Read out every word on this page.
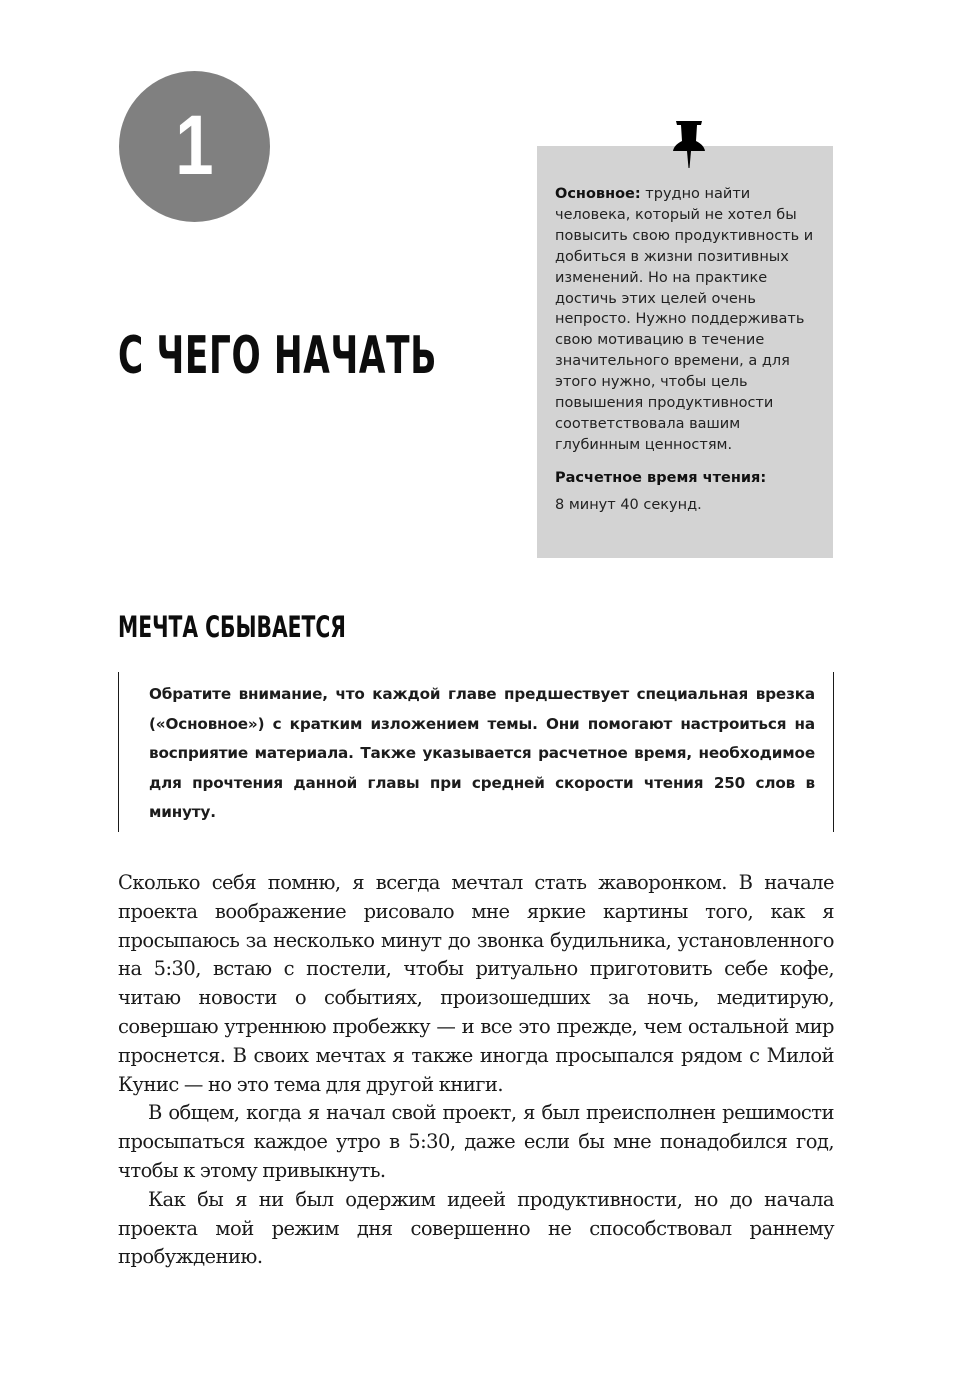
1
С ЧЕГО НАЧАТЬ

Основное: трудно найти человека, который не хотел бы повысить свою продуктивность и добиться в жизни позитивных изменений. Но на практике достичь этих целей очень непросто. Нужно поддерживать свою мотивацию в течение значительного времени, а для этого нужно, чтобы цель повышения продуктивности соответствовала вашим глубинным ценностям.

Расчетное время чтения:

8 минут 40 секунд.

МЕЧТА СБЫВАЕТСЯ

Обратите внимание, что каждой главе предшествует специальная врезка («Основное») с кратким изложением темы. Они помогают настроиться на восприятие материала. Также указывается расчетное время, необходимое для прочтения данной главы при средней скорости чтения 250 слов в минуту.

Сколько себя помню, я всегда мечтал стать жаворонком. В начале проекта воображение рисовало мне яркие картины того, как я просыпаюсь за несколько минут до звонка будильника, установленного на 5:30, встаю с постели, чтобы ритуально приготовить себе кофе, читаю новости о событиях, произошедших за ночь, медитирую, совершаю утреннюю пробежку — и все это прежде, чем остальной мир проснется. В своих мечтах я также иногда просыпался рядом с Милой Кунис — но это тема для другой книги.

В общем, когда я начал свой проект, я был преисполнен решимости просыпаться каждое утро в 5:30, даже если бы мне понадобился год, чтобы к этому привыкнуть.

Как бы я ни был одержим идеей продуктивности, но до начала проекта мой режим дня совершенно не способствовал раннему пробуждению.
